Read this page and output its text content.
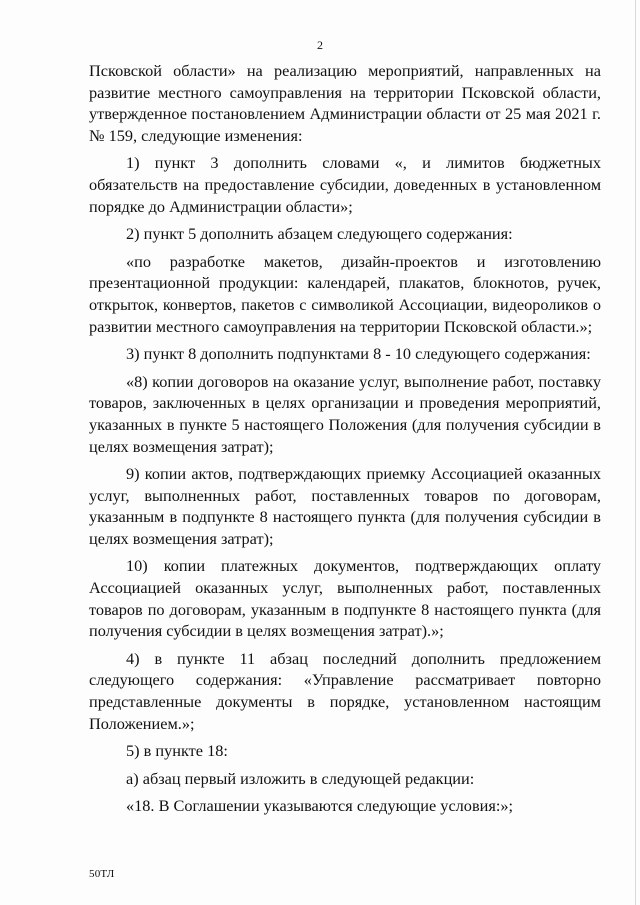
2

Псковской области» на реализацию мероприятий, направленных на развитие местного самоуправления на территории Псковской области, утвержденное постановлением Администрации области от 25 мая 2021 г. № 159, следующие изменения:

1) пункт 3 дополнить словами «, и лимитов бюджетных обязательств на предоставление субсидии, доведенных в установленном порядке до Администрации области»;

2) пункт 5 дополнить абзацем следующего содержания:

«по разработке макетов, дизайн-проектов и изготовлению презентационной продукции: календарей, плакатов, блокнотов, ручек, открыток, конвертов, пакетов с символикой Ассоциации, видеороликов о развитии местного самоуправления на территории Псковской области.»;

3) пункт 8 дополнить подпунктами 8 - 10 следующего содержания:

«8) копии договоров на оказание услуг, выполнение работ, поставку товаров, заключенных в целях организации и проведения мероприятий, указанных в пункте 5 настоящего Положения (для получения субсидии в целях возмещения затрат);

9) копии актов, подтверждающих приемку Ассоциацией оказанных услуг, выполненных работ, поставленных товаров по договорам, указанным в подпункте 8 настоящего пункта (для получения субсидии в целях возмещения затрат);

10) копии платежных документов, подтверждающих оплату Ассоциацией оказанных услуг, выполненных работ, поставленных товаров по договорам, указанным в подпункте 8 настоящего пункта (для получения субсидии в целях возмещения затрат).»;

4) в пункте 11 абзац последний дополнить предложением следующего содержания: «Управление рассматривает повторно представленные документы в порядке, установленном настоящим Положением.»;

5) в пункте 18:

а) абзац первый изложить в следующей редакции:

«18. В Соглашении указываются следующие условия:»;

50ТЛ
